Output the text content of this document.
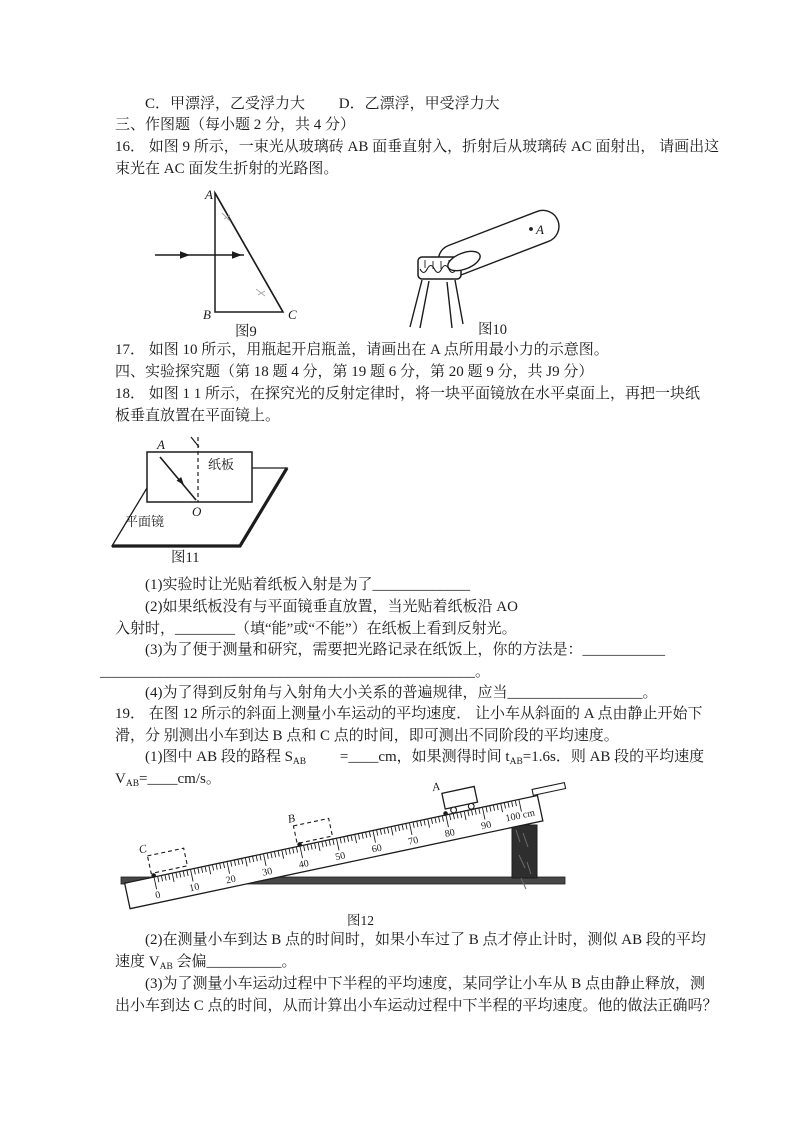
C．甲漂浮，乙受浮力大　　 D．乙漂浮，甲受浮力大
三、作图题（每小题 2 分，共 4 分）
16． 如图 9 所示，一束光从玻璃砖 AB 面垂直射入，折射后从玻璃砖 AC 面射出， 请画出这
束光在 AC 面发生折射的光路图。
17． 如图 10 所示，用瓶起开启瓶盖，请画出在 A 点所用最小力的示意图。
四、实验探究题（第 18 题 4 分，第 19 题 6 分，第 20 题 9 分，共 J9 分）
18． 如图 1 1 所示，在探究光的反射定律时，将一块平面镜放在水平桌面上，再把一块纸
板垂直放置在平面镜上。
(1)实验时让光贴着纸板入射是为了_____________
(2)如果纸板没有与平面镜垂直放置，当光贴着纸板沿 AO
入射时，________（填“能”或“不能”）在纸板上看到反射光。
(3)为了便于测量和研究，需要把光路记录在纸饭上，你的方法是：___________
__________________________________________________。
(4)为了得到反射角与入射角大小关系的普遍规律，应当__________________。
19． 在图 12 所示的斜面上测量小车运动的平均速度． 让小车从斜面的 A 点由静止开始下
滑，分 别测出小车到达 B 点和 C 点的时间，即可测出不同阶段的平均速度。
(1)图中 AB 段的路程 $S_{AB}$　　 =____cm，如果测得时间 $t_{AB}=1.6s$．则 AB 段的平均速度
$V_{AB}=\_\_\_\_cm/s$。
(2)在测量小车到达 B 点的时间时，如果小车过了 B 点才停止计时，测似 AB 段的平均
速度 $V_{AB}$ 会偏__________。
(3)为了测量小车运动过程中下半程的平均速度，某同学让小车从 B 点由静止释放，测
出小车到达 C 点的时间，从而计算出小车运动过程中下半程的平均速度。他的做法正确吗？
A
B	C
图9
A
图10
A
O
纸板
平面镜
图11
0
10
20
30
40
50
60
70
80
90
100 cm
A
B
C
图12
